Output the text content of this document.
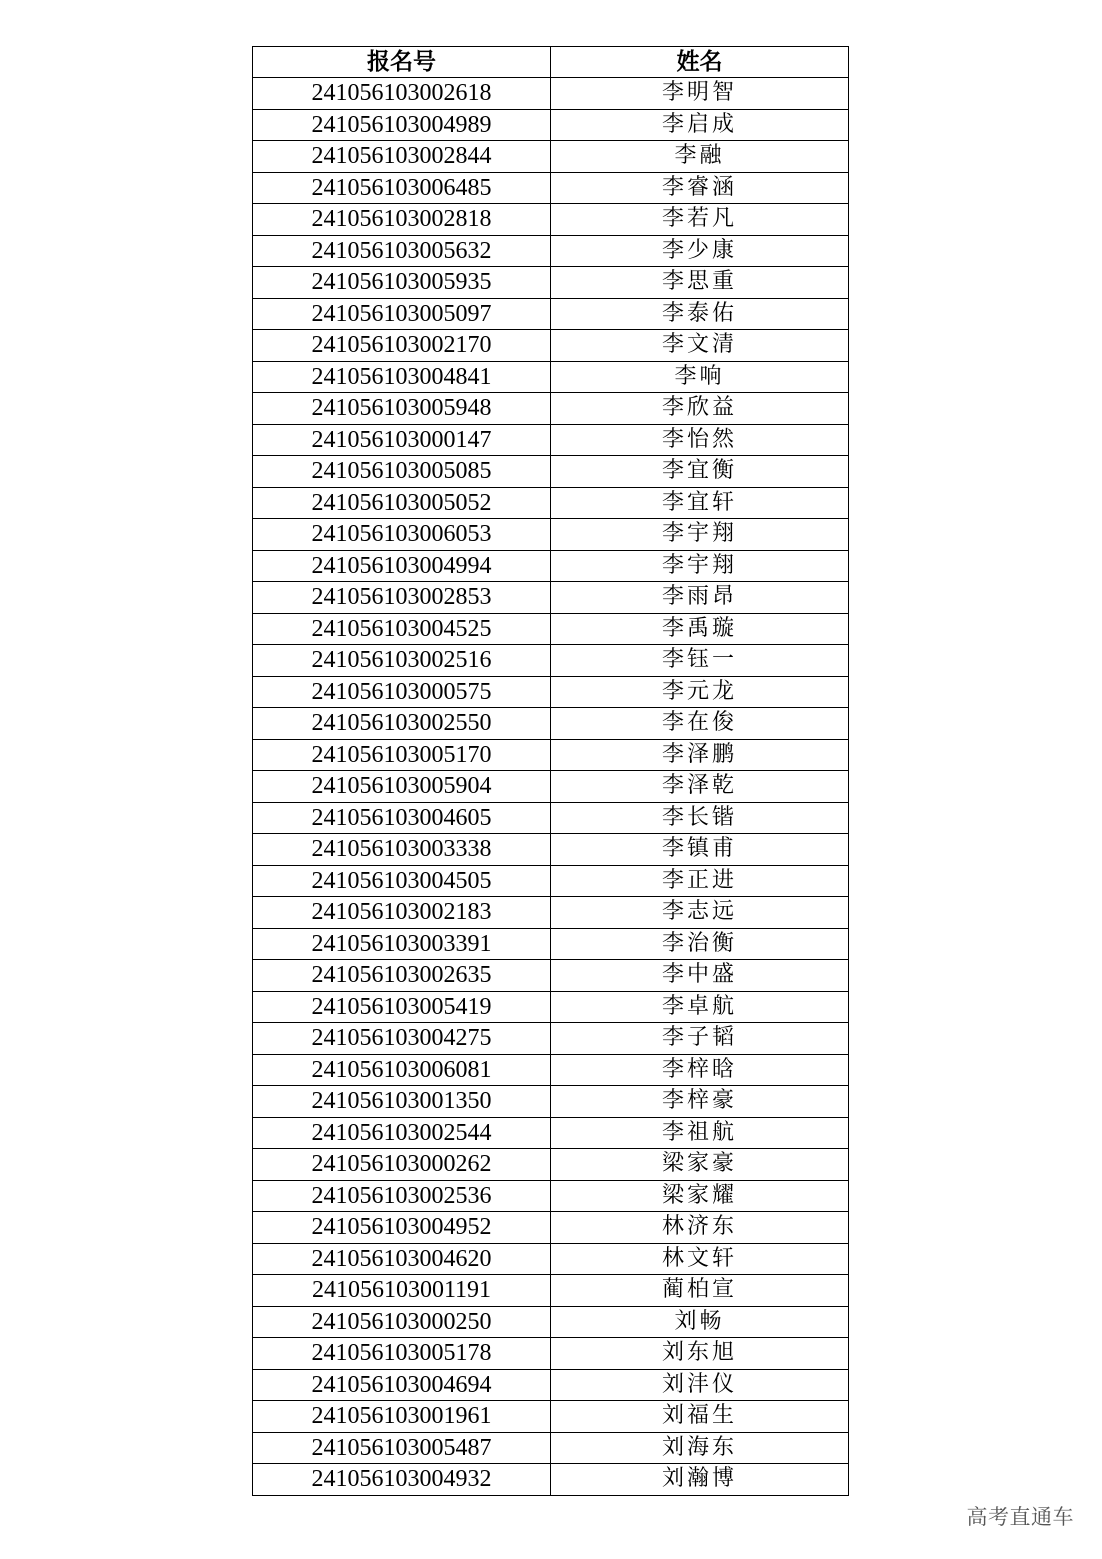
报名号	姓名
241056103002618	李明智
241056103004989	李启成
241056103002844	李融
241056103006485	李睿涵
241056103002818	李若凡
241056103005632	李少康
241056103005935	李思重
241056103005097	李泰佑
241056103002170	李文清
241056103004841	李响
241056103005948	李欣益
241056103000147	李怡然
241056103005085	李宜衡
241056103005052	李宜轩
241056103006053	李宇翔
241056103004994	李宇翔
241056103002853	李雨昂
241056103004525	李禹璇
241056103002516	李钰一
241056103000575	李元龙
241056103002550	李在俊
241056103005170	李泽鹏
241056103005904	李泽乾
241056103004605	李长锴
241056103003338	李镇甫
241056103004505	李正进
241056103002183	李志远
241056103003391	李治衡
241056103002635	李中盛
241056103005419	李卓航
241056103004275	李子韬
241056103006081	李梓晗
241056103001350	李梓豪
241056103002544	李祖航
241056103000262	梁家豪
241056103002536	梁家耀
241056103004952	林济东
241056103004620	林文轩
241056103001191	蔺柏宣
241056103000250	刘畅
241056103005178	刘东旭
241056103004694	刘沣仪
241056103001961	刘福生
241056103005487	刘海东
241056103004932	刘瀚博
高考直通车
